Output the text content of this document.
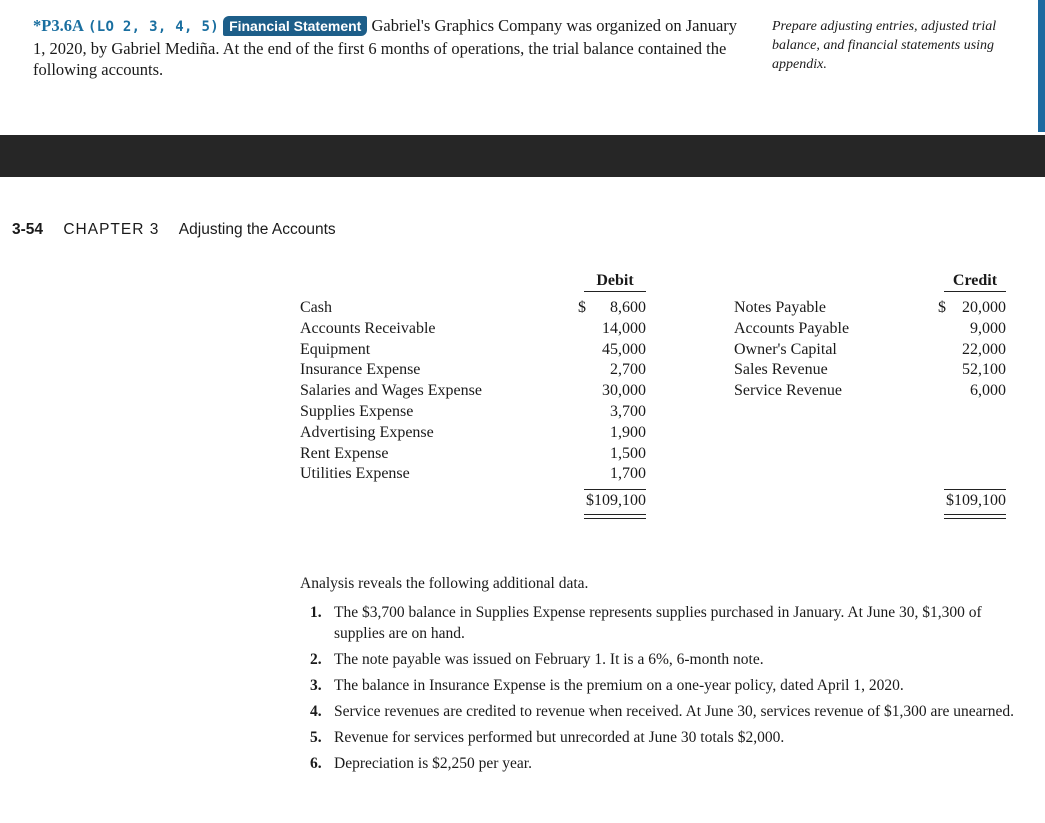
*P3.6A (LO 2, 3, 4, 5) Financial Statement Gabriel's Graphics Company was organized on January 1, 2020, by Gabriel Mediña. At the end of the first 6 months of operations, the trial balance contained the following accounts.
Prepare adjusting entries, adjusted trial balance, and financial statements using appendix.
3-54 CHAPTER 3 Adjusting the Accounts
Debit	Credit
Cash
Accounts Receivable
Equipment
Insurance Expense
Salaries and Wages Expense
Supplies Expense
Advertising Expense
Rent Expense
Utilities Expense
$ 8,600
14,000
45,000
2,700
30,000
3,700
1,900
1,500
1,700
Notes Payable
Accounts Payable
Owner's Capital
Sales Revenue
Service Revenue
$ 20,000
9,000
22,000
52,100
6,000
$109,100	$109,100
Analysis reveals the following additional data.
1. The $3,700 balance in Supplies Expense represents supplies purchased in January. At June 30, $1,300 of supplies are on hand.
2. The note payable was issued on February 1. It is a 6%, 6-month note.
3. The balance in Insurance Expense is the premium on a one-year policy, dated April 1, 2020.
4. Service revenues are credited to revenue when received. At June 30, services revenue of $1,300 are unearned.
5. Revenue for services performed but unrecorded at June 30 totals $2,000.
6. Depreciation is $2,250 per year.
